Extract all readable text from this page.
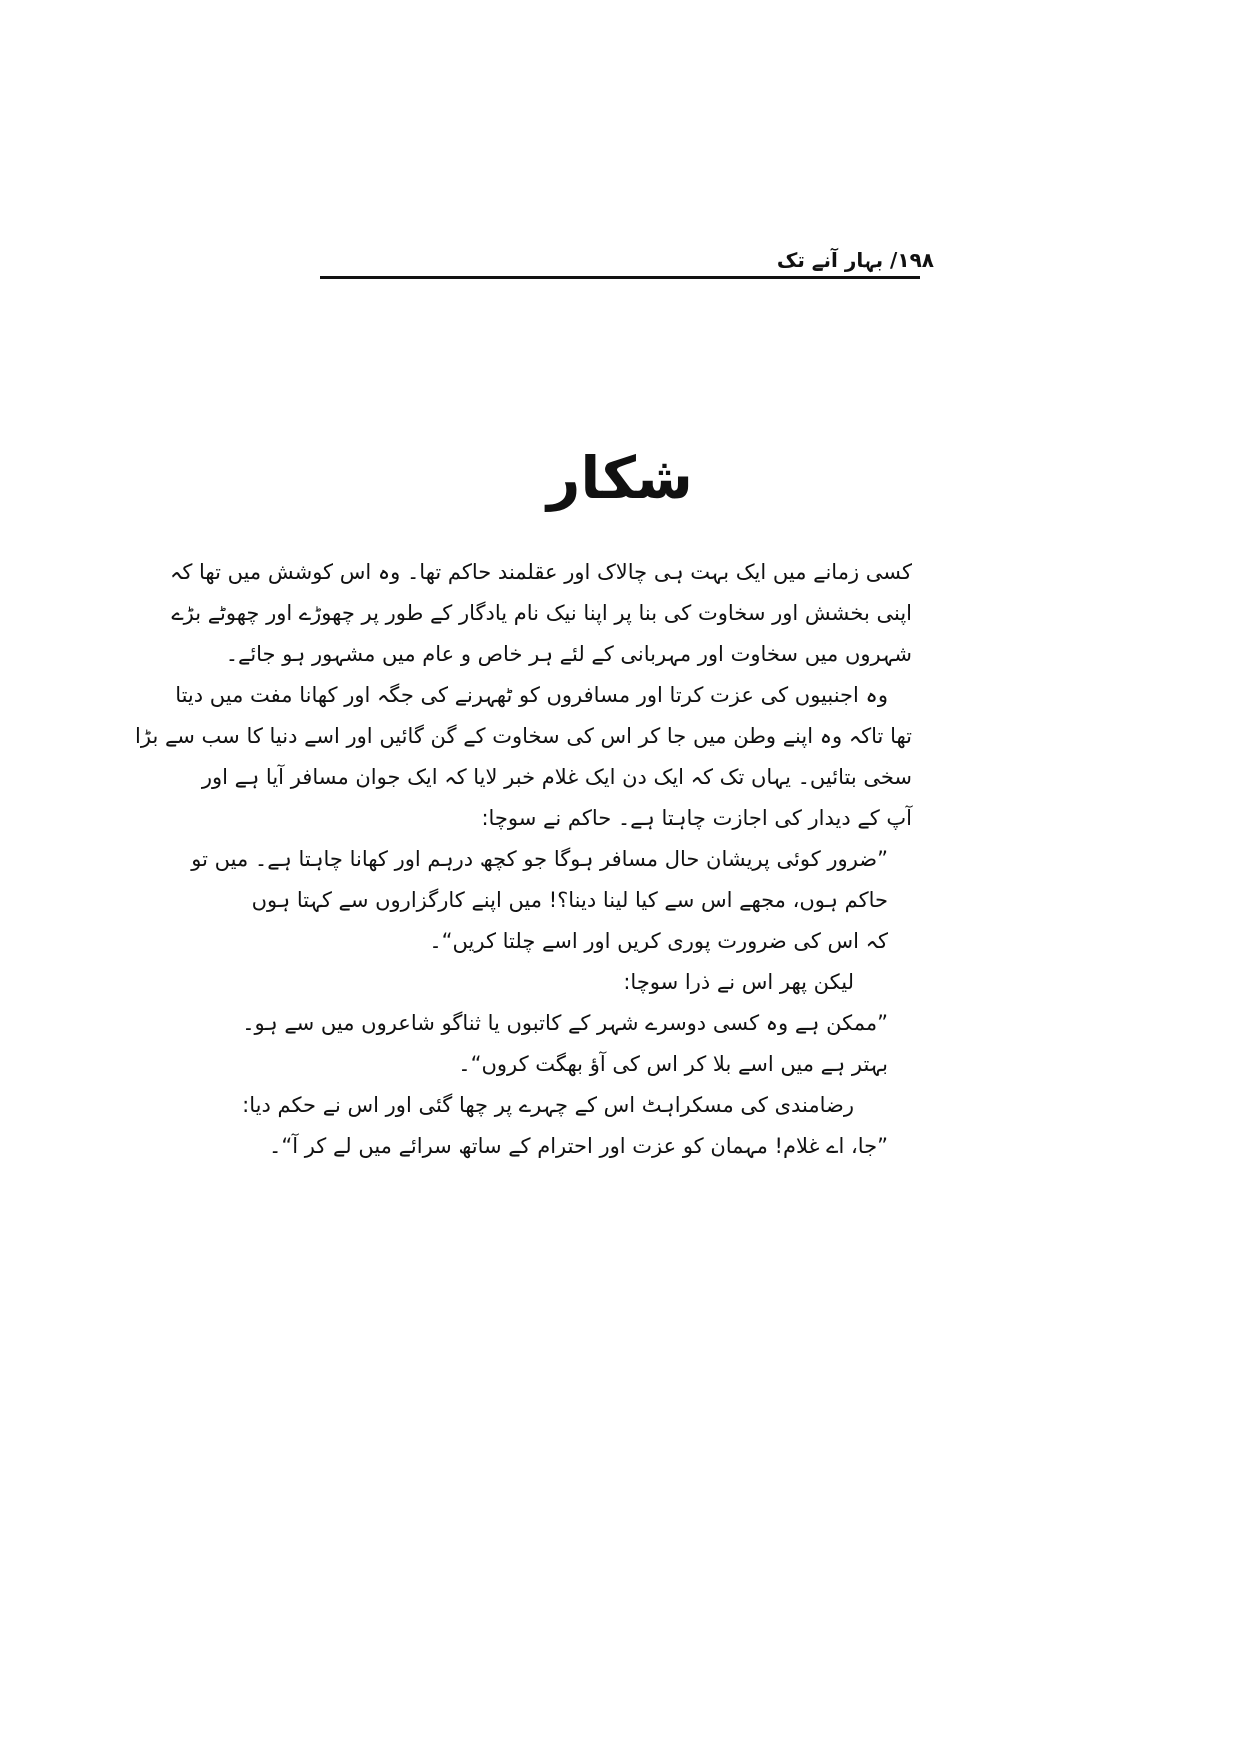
۱۹۸/ بہار آنے تک
شکار

کسی زمانے میں ایک بہت ہی چالاک اور عقلمند حاکم تھا۔ وہ اس کوشش میں تھا کہ

اپنی بخشش اور سخاوت کی بنا پر اپنا نیک نام یادگار کے طور پر چھوڑے اور چھوٹے بڑے

شہروں میں سخاوت اور مہربانی کے لئے ہر خاص و عام میں مشہور ہو جائے۔

وہ اجنبیوں کی عزت کرتا اور مسافروں کو ٹھہرنے کی جگہ اور کھانا مفت میں دیتا

تھا تاکہ وہ اپنے وطن میں جا کر اس کی سخاوت کے گن گائیں اور اسے دنیا کا سب سے بڑا

سخی بتائیں۔ یہاں تک کہ ایک دن ایک غلام خبر لایا کہ ایک جوان مسافر آیا ہے اور

آپ کے دیدار کی اجازت چاہتا ہے۔ حاکم نے سوچا:

”ضرور کوئی پریشان حال مسافر ہوگا جو کچھ درہم اور کھانا چاہتا ہے۔ میں تو

حاکم ہوں، مجھے اس سے کیا لینا دینا؟! میں اپنے کارگزاروں سے کہتا ہوں

کہ اس کی ضرورت پوری کریں اور اسے چلتا کریں“۔

لیکن پھر اس نے ذرا سوچا:

”ممکن ہے وہ کسی دوسرے شہر کے کاتبوں یا ثناگو شاعروں میں سے ہو۔

بہتر ہے میں اسے بلا کر اس کی آؤ بھگت کروں“۔

رضامندی کی مسکراہٹ اس کے چہرے پر چھا گئی اور اس نے حکم دیا:

”جا، اے غلام! مہمان کو عزت اور احترام کے ساتھ سرائے میں لے کر آ“۔
